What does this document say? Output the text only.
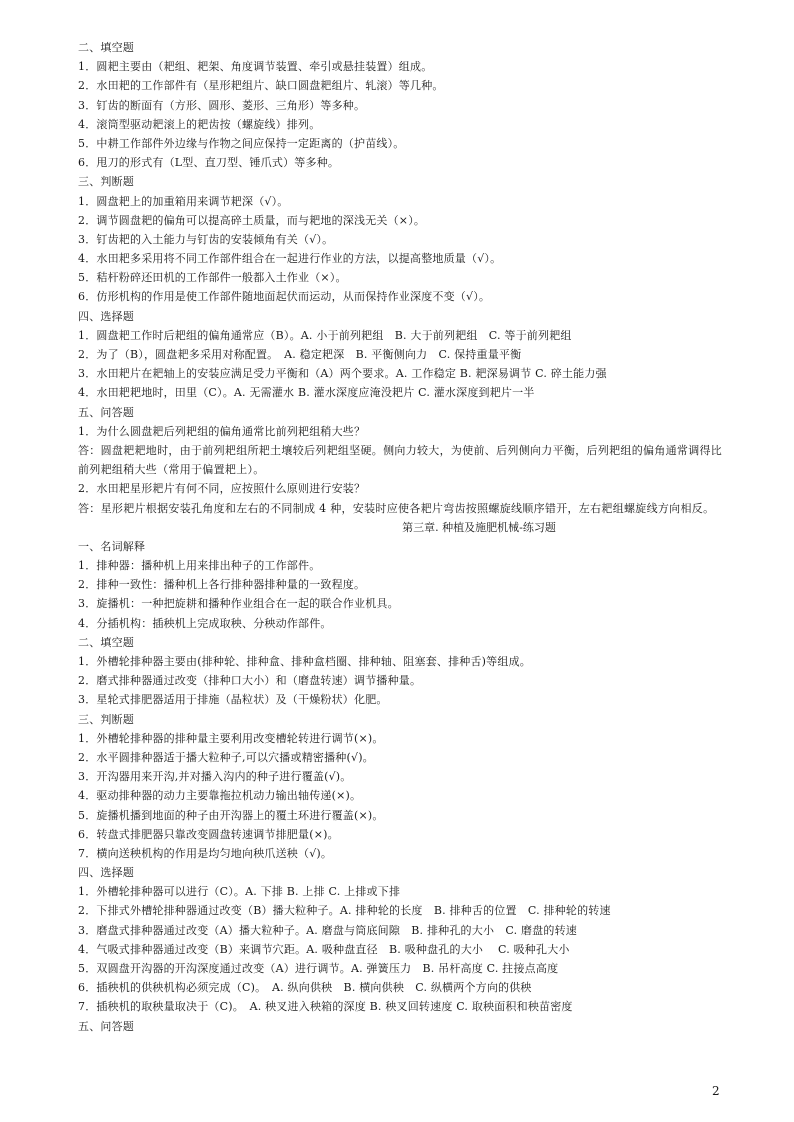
二、填空题
1．圆耙主要由（耙组、耙架、角度调节装置、牵引或悬挂装置）组成。
2．水田耙的工作部件有（星形耙组片、缺口圆盘耙组片、轧滚）等几种。
3．钉齿的断面有（方形、圆形、菱形、三角形）等多种。
4．滚筒型驱动耙滚上的耙齿按（螺旋线）排列。
5．中耕工作部件外边缘与作物之间应保持一定距离的（护苗线）。
6．甩刀的形式有（L型、直刀型、锤爪式）等多种。
三、判断题
1．圆盘耙上的加重箱用来调节耙深（√）。
2．调节圆盘耙的偏角可以提高碎土质量，而与耙地的深浅无关（×）。
3．钉齿耙的入土能力与钉齿的安装倾角有关（√）。
4．水田耙多采用将不同工作部件组合在一起进行作业的方法，以提高整地质量（√）。
5．秸杆粉碎还田机的工作部件一般都入土作业（×）。
6．仿形机构的作用是使工作部件随地面起伏而运动，从而保持作业深度不变（√）。
四、选择题
1．圆盘耙工作时后耙组的偏角通常应（B）。A. 小于前列耙组　B. 大于前列耙组　C. 等于前列耙组
2．为了（B），圆盘耙多采用对称配置。　A. 稳定耙深　B. 平衡侧向力　C. 保持重量平衡
3．水田耙片在耙轴上的安装应满足受力平衡和（A）两个要求。A. 工作稳定 B. 耙深易调节 C. 碎土能力强
4．水田耙耙地时，田里（C）。A. 无需灌水 B. 灌水深度应淹没耙片 C. 灌水深度到耙片一半
五、问答题
1．为什么圆盘耙后列耙组的偏角通常比前列耙组稍大些？
答：圆盘耙耙地时，由于前列耙组所耙土壤较后列耙组坚硬。侧向力较大，为使前、后列侧向力平衡，后列耙组的偏角通常调得比前列耙组稍大些（常用于偏置耙上）。
2．水田耙星形耙片有何不同，应按照什么原则进行安装？
答：星形耙片根据安装孔角度和左右的不同制成 4 种，安装时应使各耙片弯齿按照螺旋线顺序错开，左右耙组螺旋线方向相反。
第三章. 种植及施肥机械-练习题
一、名词解释
1．排种器：播种机上用来排出种子的工作部件。
2．排种一致性：播种机上各行排种器排种量的一致程度。
3．旋播机：一种把旋耕和播种作业组合在一起的联合作业机具。
4．分插机构：插秧机上完成取秧、分秧动作部件。
二、填空题
1．外槽轮排种器主要由(排种轮、排种盒、排种盒档圈、排种轴、阻塞套、排种舌)等组成。
2．磨式排种器通过改变（排种口大小）和（磨盘转速）调节播种量。
3．星轮式排肥器适用于排施（晶粒状）及（干燥粉状）化肥。
三、判断题
1．外槽轮排种器的排种量主要利用改变槽轮转进行调节(×)。
2．水平圆排种器适于播大粒种子,可以穴播或精密播种(√)。
3．开沟器用来开沟,并对播入沟内的种子进行覆盖(√)。
4．驱动排种器的动力主要靠拖拉机动力输出轴传递(×)。
5．旋播机播到地面的种子由开沟器上的覆土环进行覆盖(×)。
6．转盘式排肥器只靠改变圆盘转速调节排肥量(×)。
7．横向送秧机构的作用是均匀地向秧爪送秧（√)。
四、选择题
1．外槽轮排种器可以进行（C）。A. 下排 B. 上排 C. 上排或下排
2．下排式外槽轮排种器通过改变（B）播大粒种子。A. 排种轮的长度　B. 排种舌的位置　C. 排种轮的转速
3．磨盘式排种器通过改变（A）播大粒种子。A. 磨盘与筒底间隙　B. 排种孔的大小　C. 磨盘的转速
4．气吸式排种器通过改变（B）来调节穴距。A. 吸种盘直径　B. 吸种盘孔的大小　 C. 吸种孔大小
5．双圆盘开沟器的开沟深度通过改变（A）进行调节。A. 弹簧压力　B. 吊杆高度 C. 拄接点高度
6．插秧机的供秧机构必须完成（C)。　A. 纵向供秧　B. 横向供秧　C. 纵横两个方向的供秧
7．插秧机的取秧量取决于（C)。　A. 秧叉进入秧箱的深度 B. 秧叉回转速度 C. 取秧面积和秧苗密度
五、问答题
2
